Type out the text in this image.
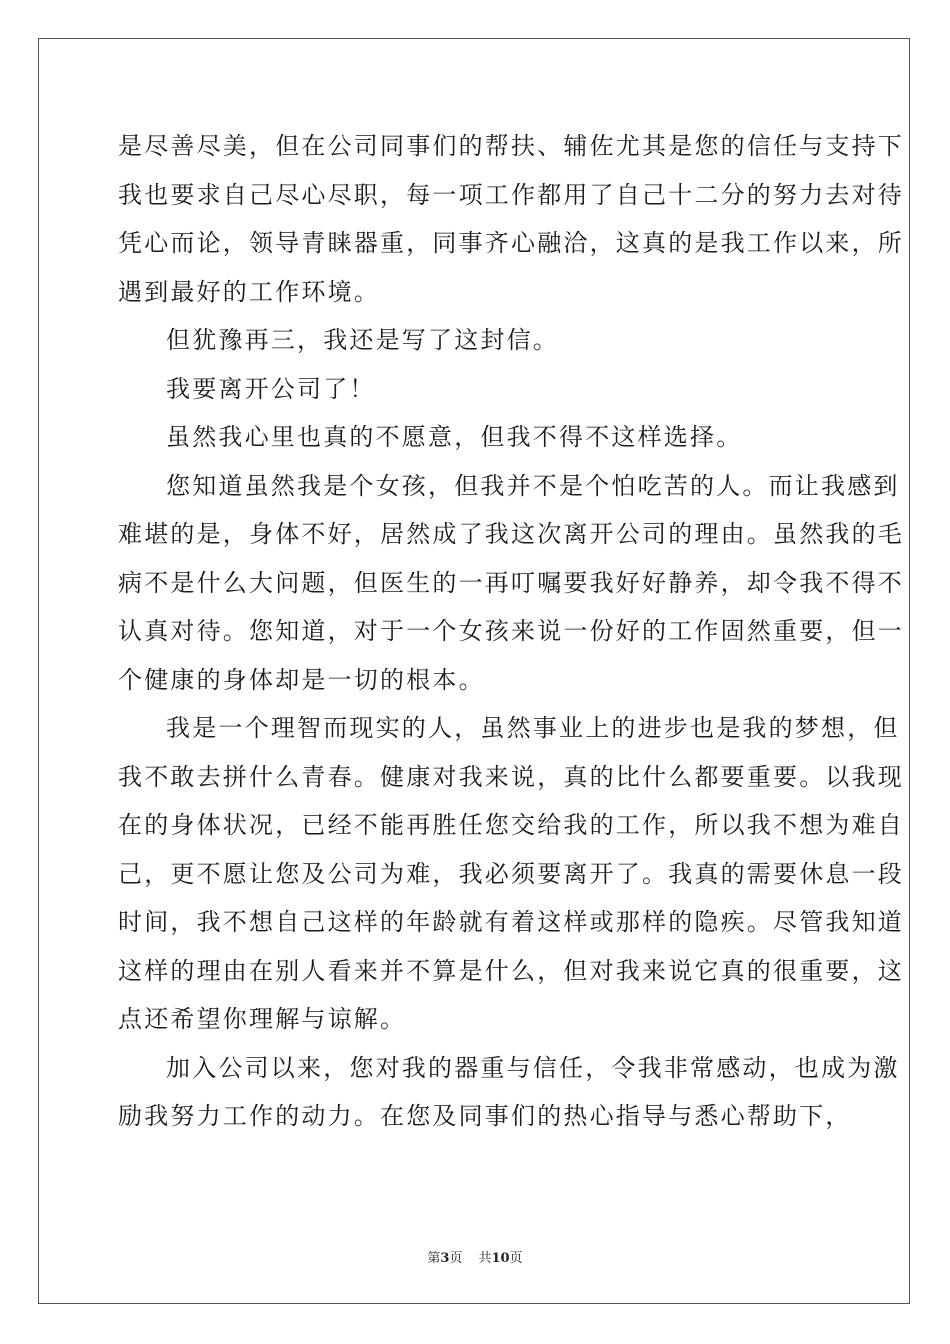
是尽善尽美，但在公司同事们的帮扶、辅佐尤其是您的信任与支持下
我也要求自己尽心尽职，每一项工作都用了自己十二分的努力去对待
凭心而论，领导青睐器重，同事齐心融洽，这真的是我工作以来，所
遇到最好的工作环境。
但犹豫再三，我还是写了这封信。
我要离开公司了！
虽然我心里也真的不愿意，但我不得不这样选择。
您知道虽然我是个女孩，但我并不是个怕吃苦的人。而让我感到
难堪的是，身体不好，居然成了我这次离开公司的理由。虽然我的毛
病不是什么大问题，但医生的一再叮嘱要我好好静养，却令我不得不
认真对待。您知道，对于一个女孩来说一份好的工作固然重要，但一
个健康的身体却是一切的根本。
我是一个理智而现实的人，虽然事业上的进步也是我的梦想，但
我不敢去拼什么青春。健康对我来说，真的比什么都要重要。以我现
在的身体状况，已经不能再胜任您交给我的工作，所以我不想为难自
己，更不愿让您及公司为难，我必须要离开了。我真的需要休息一段
时间，我不想自己这样的年龄就有着这样或那样的隐疾。尽管我知道
这样的理由在别人看来并不算是什么，但对我来说它真的很重要，这
点还希望你理解与谅解。
加入公司以来，您对我的器重与信任，令我非常感动，也成为激
励我努力工作的动力。在您及同事们的热心指导与悉心帮助下，
第3页 共10页
